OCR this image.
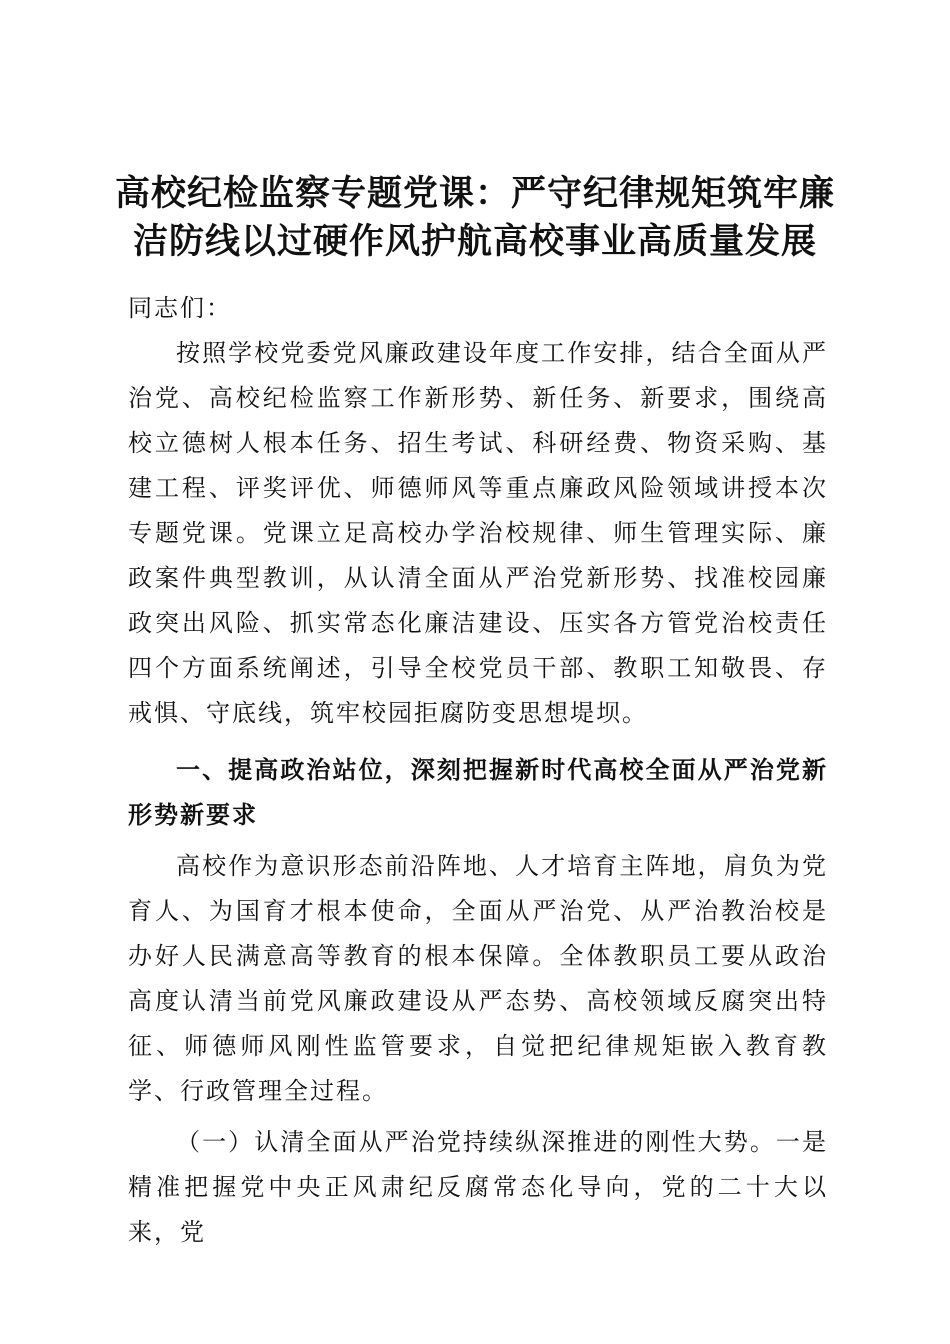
高校纪检监察专题党课：严守纪律规矩筑牢廉
洁防线以过硬作风护航高校事业高质量发展

同志们：

按照学校党委党风廉政建设年度工作安排，结合全面从严治党、高校纪检监察工作新形势、新任务、新要求，围绕高校立德树人根本任务、招生考试、科研经费、物资采购、基建工程、评奖评优、师德师风等重点廉政风险领域讲授本次专题党课。党课立足高校办学治校规律、师生管理实际、廉政案件典型教训，从认清全面从严治党新形势、找准校园廉政突出风险、抓实常态化廉洁建设、压实各方管党治校责任四个方面系统阐述，引导全校党员干部、教职工知敬畏、存戒惧、守底线，筑牢校园拒腐防变思想堤坝。

一、提高政治站位，深刻把握新时代高校全面从严治党新形势新要求

高校作为意识形态前沿阵地、人才培育主阵地，肩负为党育人、为国育才根本使命，全面从严治党、从严治教治校是办好人民满意高等教育的根本保障。全体教职员工要从政治高度认清当前党风廉政建设从严态势、高校领域反腐突出特征、师德师风刚性监管要求，自觉把纪律规矩嵌入教育教学、行政管理全过程。

（一）认清全面从严治党持续纵深推进的刚性大势。一是精准把握党中央正风肃纪反腐常态化导向，党的二十大以来，党
